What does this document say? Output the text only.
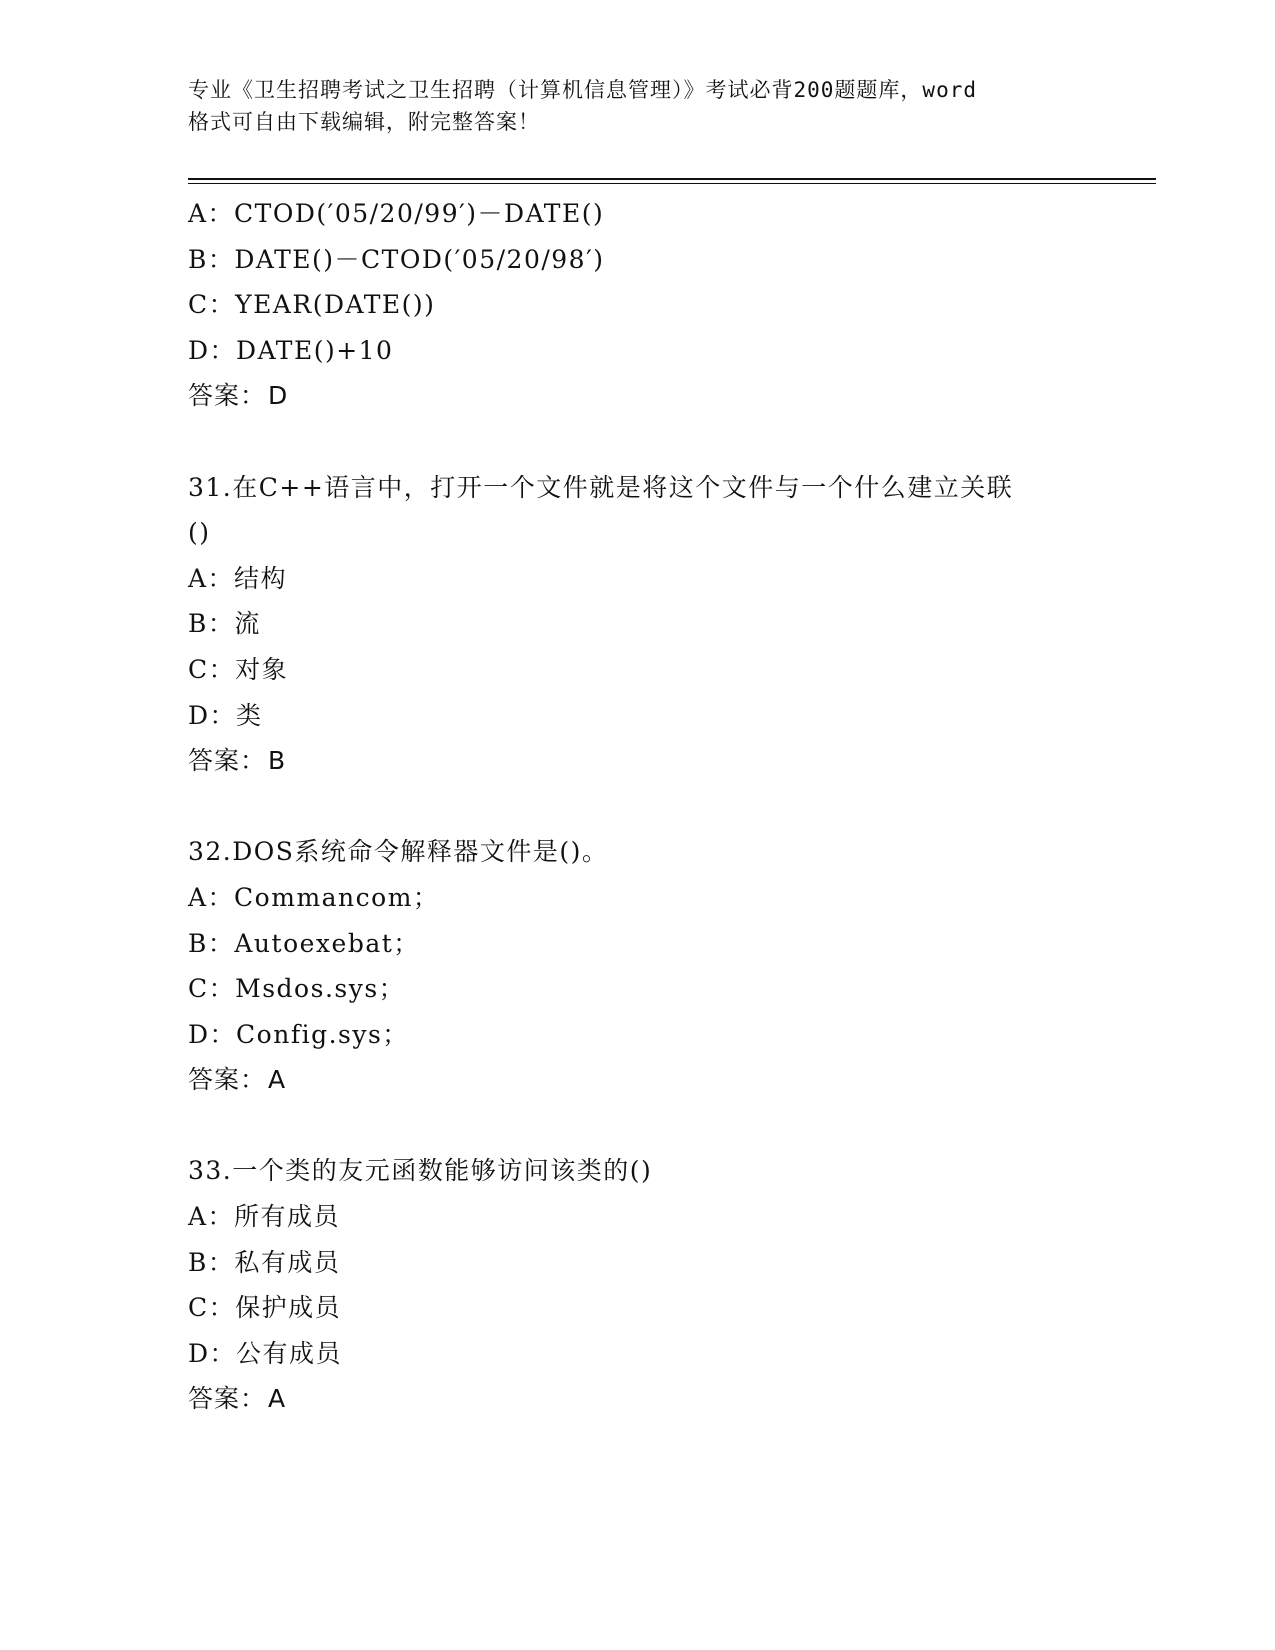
专业《卫生招聘考试之卫生招聘（计算机信息管理）》考试必背200题题库，word
格式可自由下载编辑，附完整答案！
A：CTOD(′05/20/99′)－DATE()
B：DATE()－CTOD(′05/20/98′)
C：YEAR(DATE())
D：DATE()+10
答案：D
31.在C++语言中，打开一个文件就是将这个文件与一个什么建立关联
()
A：结构
B：流
C：对象
D：类
答案：B
32.DOS系统命令解释器文件是()。
A：Commancom；
B：Autoexebat；
C：Msdos.sys；
D：Config.sys；
答案：A
33.一个类的友元函数能够访问该类的()
A：所有成员
B：私有成员
C：保护成员
D：公有成员
答案：A
